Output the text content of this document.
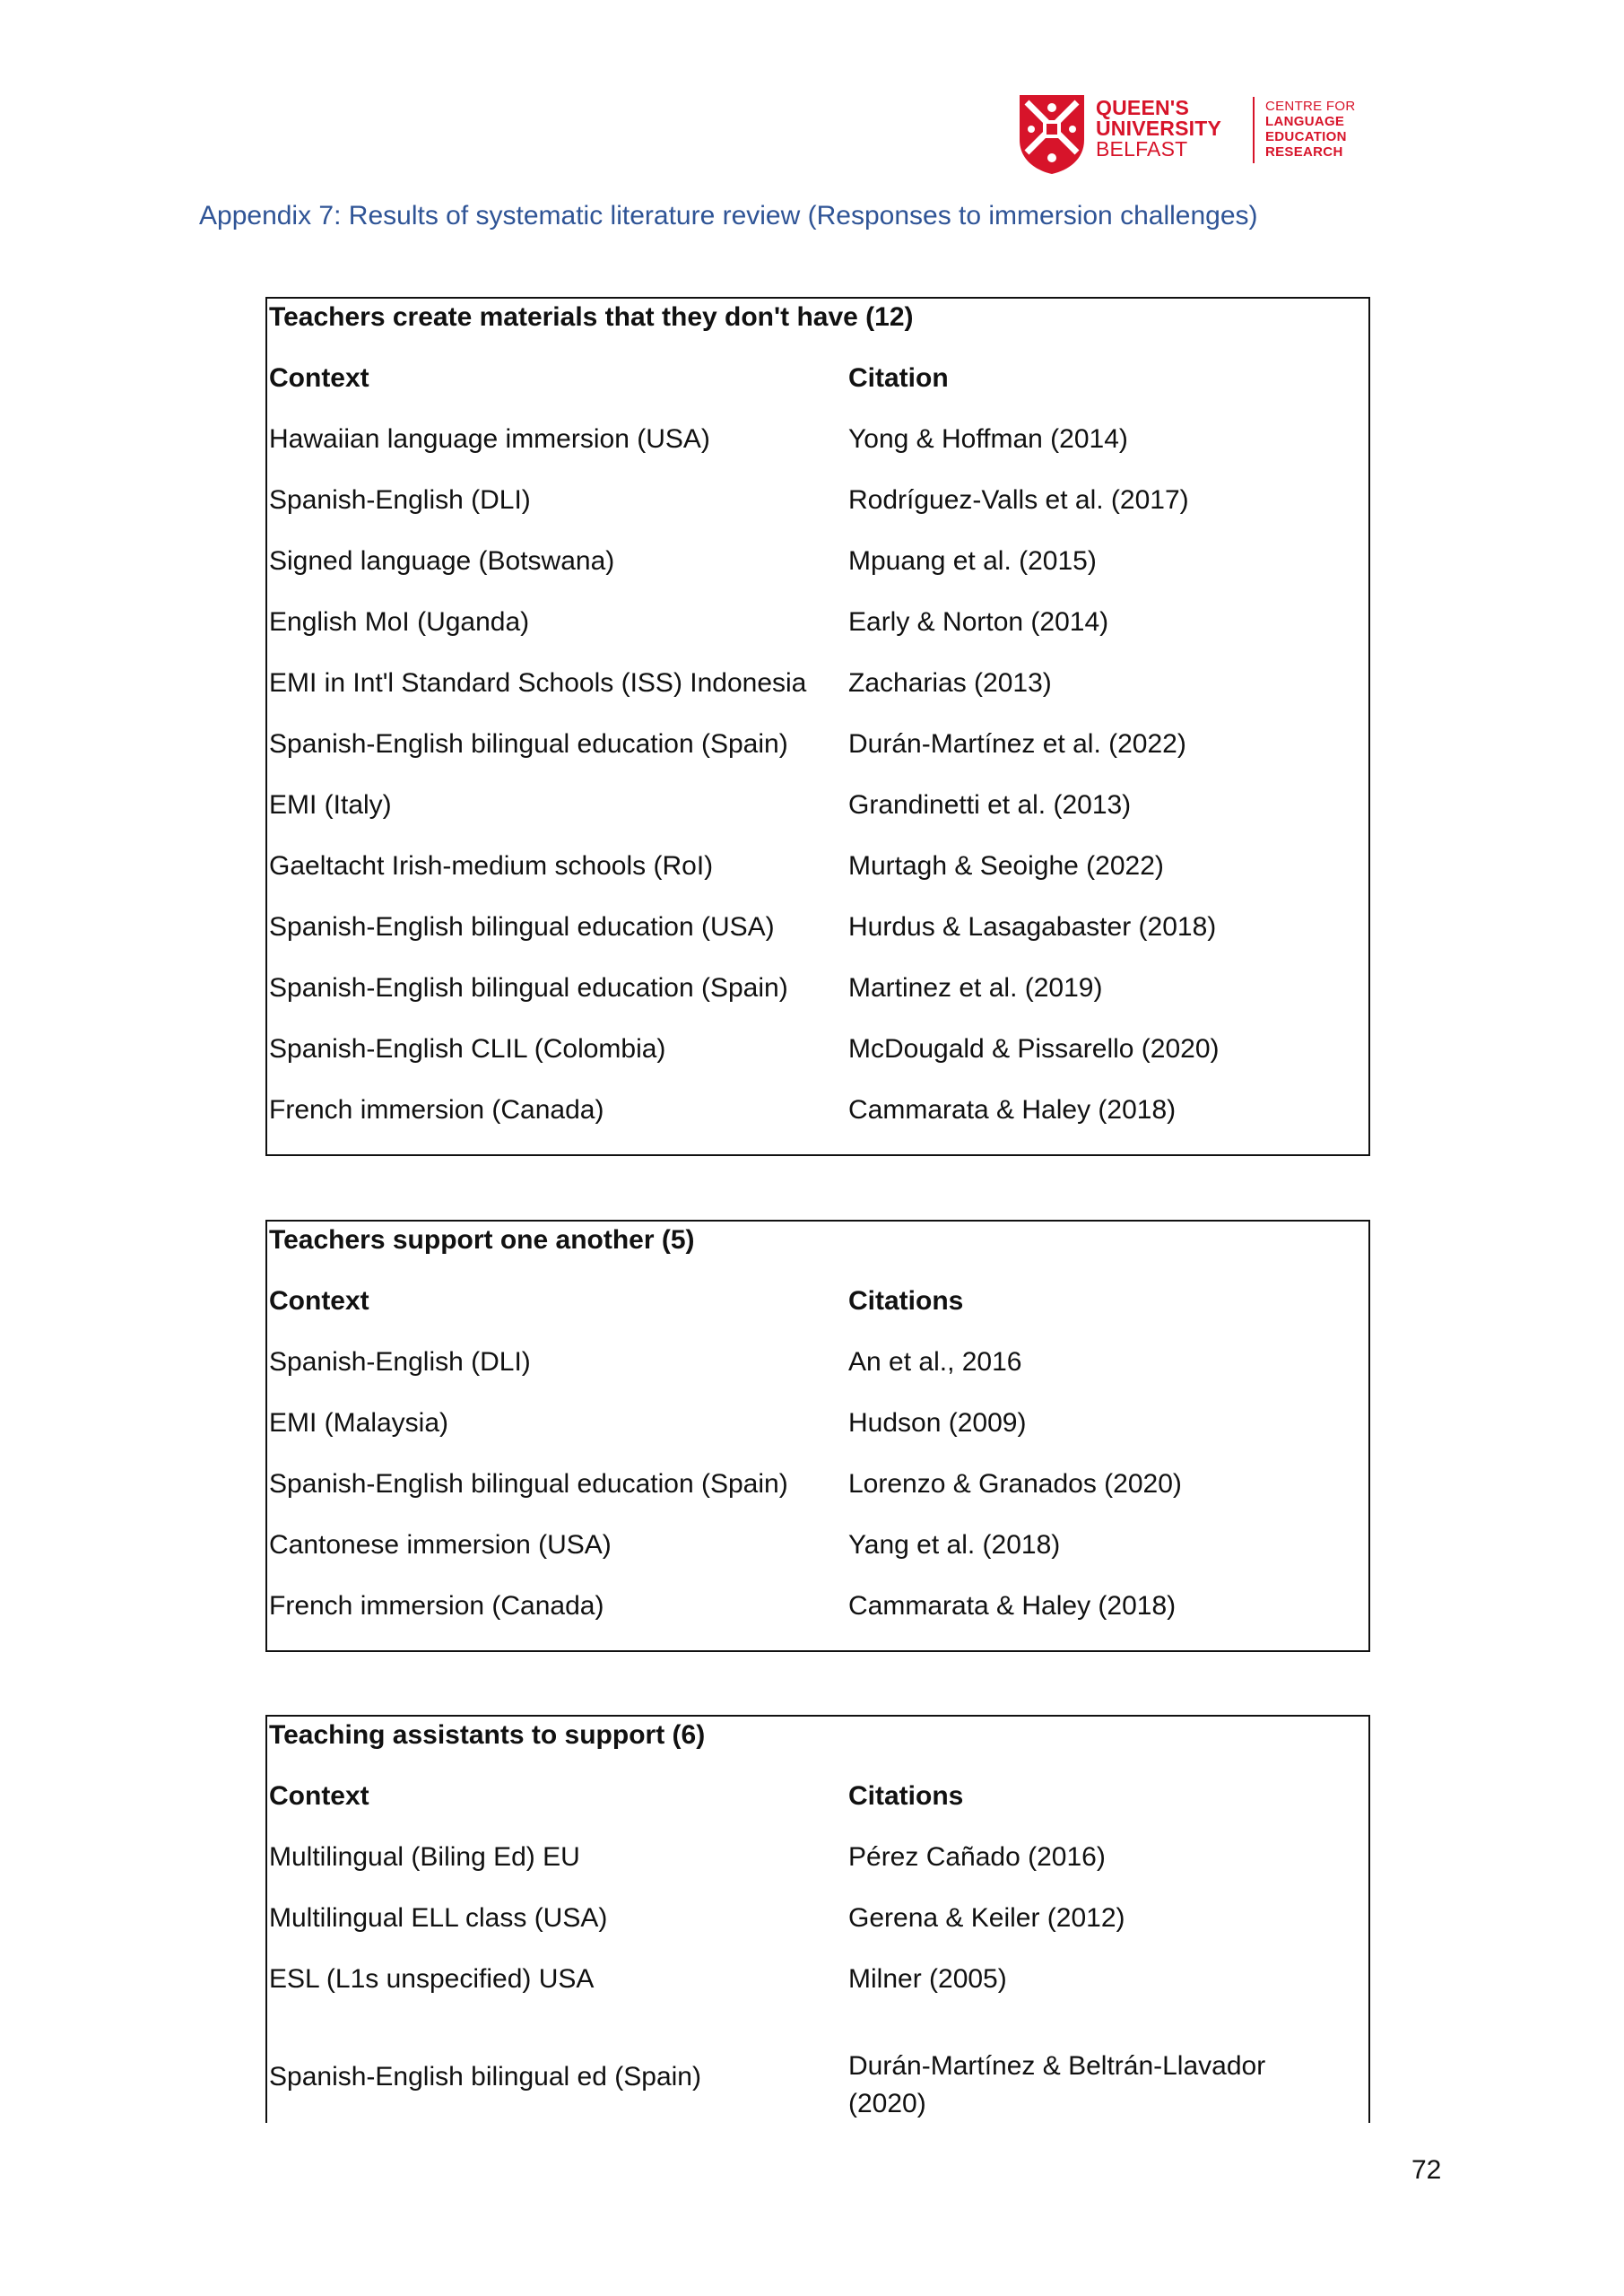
QUEEN'S
UNIVERSITY
BELFAST
CENTRE FOR
LANGUAGE
EDUCATION
RESEARCH
Appendix 7: Results of systematic literature review (Responses to immersion challenges)
Teachers create materials that they don't have (12)
Context	Citation
Hawaiian language immersion (USA)	Yong & Hoffman (2014)
Spanish-English (DLI)	Rodríguez-Valls et al. (2017)
Signed language (Botswana)	Mpuang et al. (2015)
English MoI (Uganda)	Early & Norton (2014)
EMI in Int'l Standard Schools (ISS) Indonesia Zacharias (2013)
Spanish-English bilingual education (Spain) Durán-Martínez et al. (2022)
EMI (Italy)	Grandinetti et al. (2013)
Gaeltacht Irish-medium schools (RoI)	Murtagh & Seoighe (2022)
Spanish-English bilingual education (USA)	Hurdus & Lasagabaster (2018)
Spanish-English bilingual education (Spain) Martinez et al. (2019)
Spanish-English CLIL (Colombia)	McDougald & Pissarello (2020)
French immersion (Canada)	Cammarata & Haley (2018)
Teachers support one another (5)
Context	Citations
Spanish-English (DLI)	An et al., 2016
EMI (Malaysia)	Hudson (2009)
Spanish-English bilingual education (Spain) Lorenzo & Granados (2020)
Cantonese immersion (USA)	Yang et al. (2018)
French immersion (Canada)	Cammarata & Haley (2018)
Teaching assistants to support (6)
Context	Citations
Multilingual (Biling Ed) EU	Pérez Cañado (2016)
Multilingual ELL class (USA)	Gerena & Keiler (2012)
ESL (L1s unspecified) USA	Milner (2005)
Spanish-English bilingual ed (Spain)	Durán-Martínez & Beltrán-Llavador
(2020)
72
